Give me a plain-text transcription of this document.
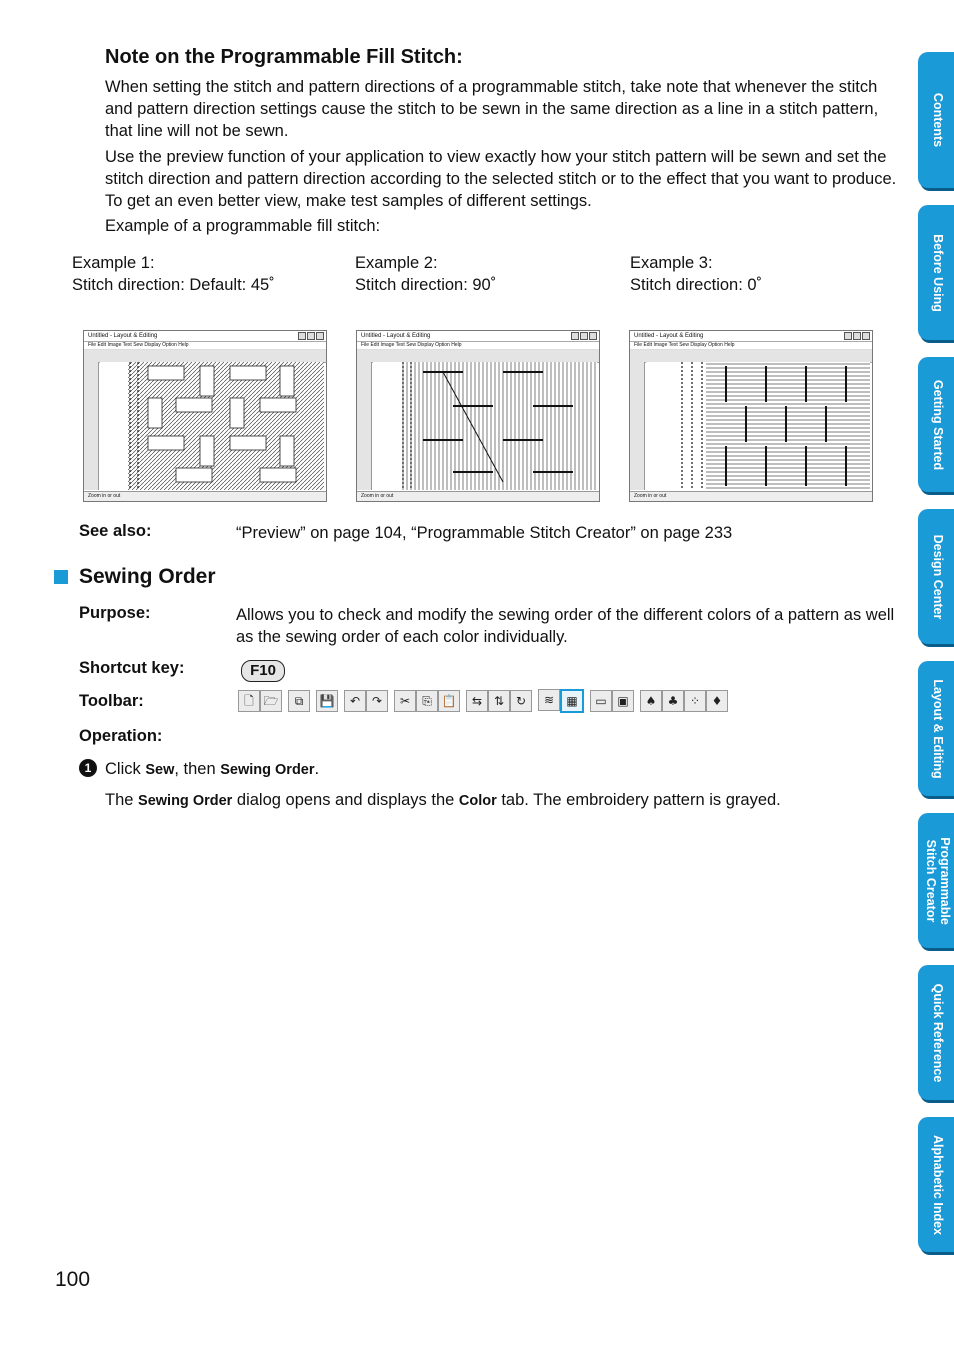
Note on the Programmable Fill Stitch:
When setting the stitch and pattern directions of a programmable stitch, take note that whenever the stitch and pattern direction settings cause the stitch to be sewn in the same direction as a line in a stitch pattern, that line will not be sewn.
Use the preview function of your application to view exactly how your stitch pattern will be sewn and set the stitch direction and pattern direction according to the selected stitch or to the effect that you want to produce. To get an even better view, make test samples of different settings.
Example of a programmable fill stitch:
Example 1:
Stitch direction: Default: 45˚
Example 2:
Stitch direction: 90˚
Example 3:
Stitch direction: 0˚
Untitled - Layout & Editing
File Edit Image Text Sew Display Option Help
Zoom in or out
Untitled - Layout & Editing
File Edit Image Text Sew Display Option Help
Zoom in or out
Untitled - Layout & Editing
File Edit Image Text Sew Display Option Help
Zoom in or out
See also:	“Preview” on page 104, “Programmable Stitch Creator” on page 233
Sewing Order
Purpose:	Allows you to check and modify the sewing order of the different colors of a pattern as well as the sewing order of each color individually.
Shortcut key:	F10
Toolbar:	🗋 🗁	⧉	💾	↶ ↷	✂	⎘ 📋	⇆ ⇅ ↻	≋	▦	▭ ▣	♠ ♣ ⁘ ♦
Operation:
1 Click Sew, then Sewing Order.
The Sewing Order dialog opens and displays the Color tab. The embroidery pattern is grayed.
100
Contents
Before Using
Getting Started
Design Center
Layout & Editing
Programmable Stitch Creator
Quick Reference
Alphabetic Index
